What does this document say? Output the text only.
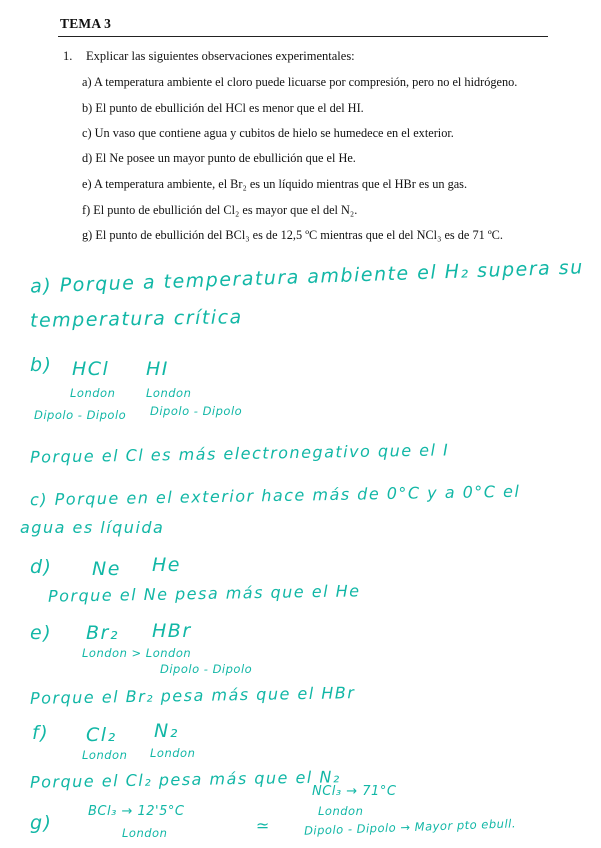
TEMA 3
1. Explicar las siguientes observaciones experimentales:
a) A temperatura ambiente el cloro puede licuarse por compresión, pero no el hidrógeno.
b) El punto de ebullición del HCl es menor que el del HI.
c) Un vaso que contiene agua y cubitos de hielo se humedece en el exterior.
d) El Ne posee un mayor punto de ebullición que el He.
e) A temperatura ambiente, el Br₂ es un líquido mientras que el HBr es un gas.
f) El punto de ebullición del Cl₂ es mayor que el del N₂.
g) El punto de ebullición del BCl₃ es de 12,5 ºC mientras que el del NCl₃ es de 71 ºC.
a) Porque a temperatura ambiente el H₂ supera su
temperatura crítica
b) HCl HI
London	London
Dipolo - Dipolo Dipolo - Dipolo
Porque el Cl es más electronegativo que el I
c) Porque en el exterior hace más de 0°C y a 0°C el
agua es líquida
d) Ne He
Porque el Ne pesa más que el He
e) Br₂ HBr
London > London
Dipolo - Dipolo
Porque el Br₂ pesa más que el HBr
f) Cl₂ N₂
London London
Porque el Cl₂ pesa más que el N₂
g)
BCl₃ → 12'5°C
London	≃
NCl₃ → 71°C
London
Dipolo - Dipolo → Mayor pto ebull.
